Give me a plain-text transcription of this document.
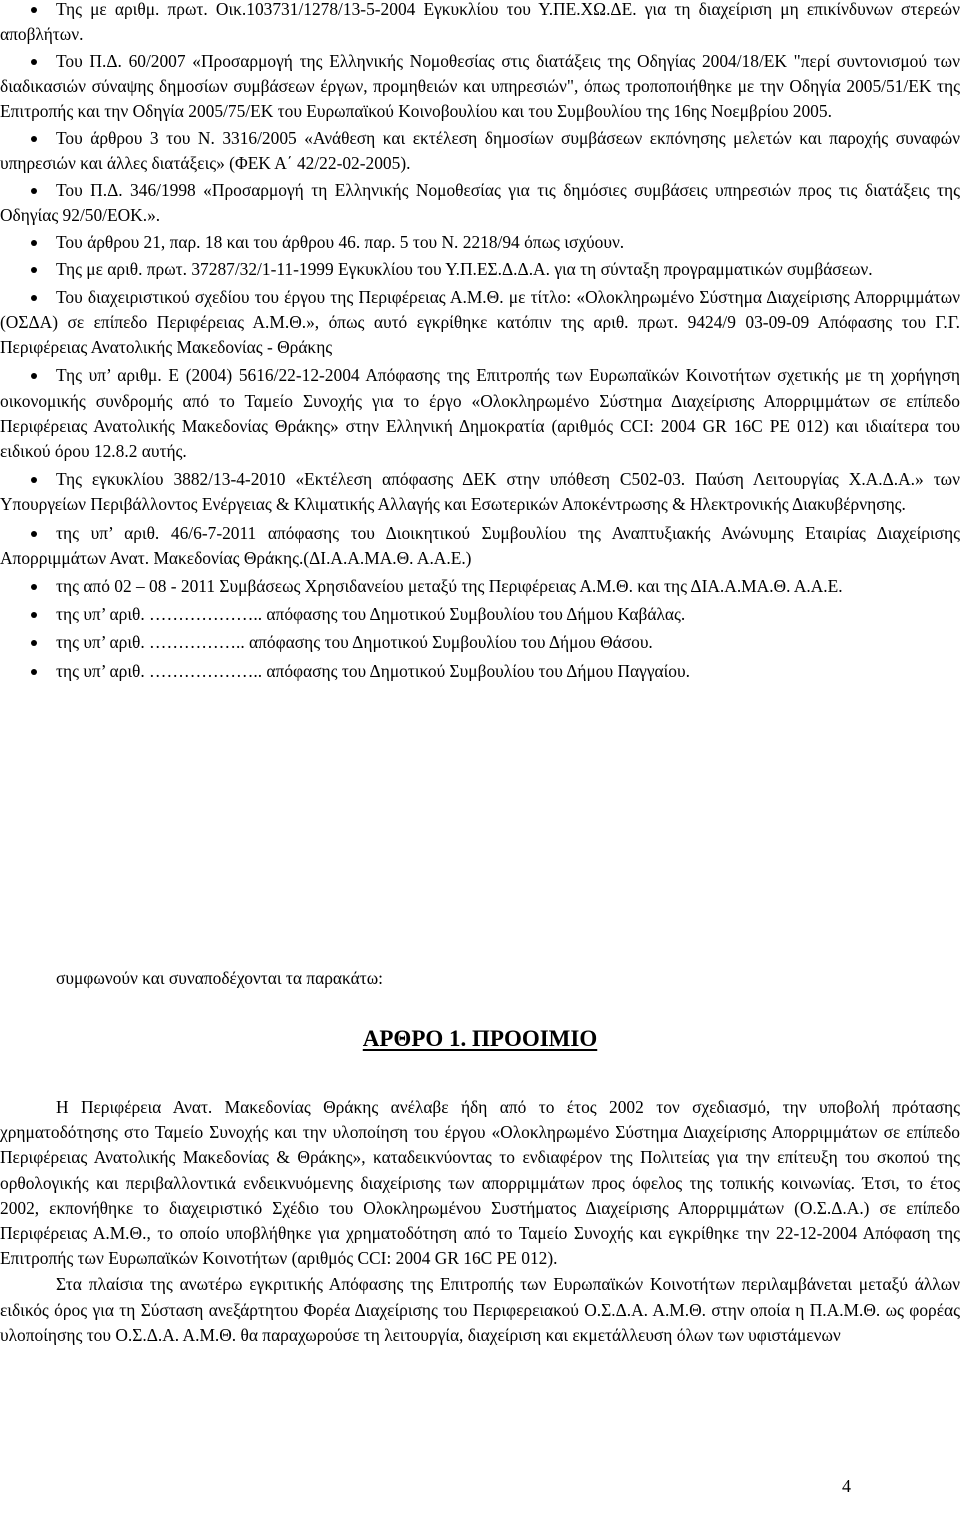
Της με αριθμ. πρωτ. Οικ.103731/1278/13-5-2004 Εγκυκλίου του Υ.ΠΕ.ΧΩ.ΔΕ. για τη διαχείριση μη επικίνδυνων στερεών αποβλήτων.
Του Π.Δ. 60/2007 «Προσαρμογή της Ελληνικής Νομοθεσίας στις διατάξεις της Οδηγίας 2004/18/ΕΚ "περί συντονισμού των διαδικασιών σύναψης δημοσίων συμβάσεων έργων, προμηθειών και υπηρεσιών", όπως τροποποιήθηκε με την Οδηγία 2005/51/ΕΚ της Επιτροπής και την Οδηγία 2005/75/ΕΚ του Ευρωπαϊκού Κοινοβουλίου και του Συμβουλίου της 16ης Νοεμβρίου 2005.
Του άρθρου 3 του Ν. 3316/2005 «Ανάθεση και εκτέλεση δημοσίων συμβάσεων εκπόνησης μελετών και παροχής συναφών υπηρεσιών και άλλες διατάξεις» (ΦΕΚ Α΄ 42/22-02-2005).
Του Π.Δ. 346/1998 «Προσαρμογή τη Ελληνικής Νομοθεσίας για τις δημόσιες συμβάσεις υπηρεσιών προς τις διατάξεις της Οδηγίας 92/50/ΕΟΚ.».
Του άρθρου 21, παρ. 18 και του άρθρου 46. παρ. 5 του Ν. 2218/94 όπως ισχύουν.
Της με αριθ. πρωτ. 37287/32/1-11-1999 Εγκυκλίου του Υ.Π.ΕΣ.Δ.Δ.Α. για τη σύνταξη προγραμματικών συμβάσεων.
Του διαχειριστικού σχεδίου του έργου της Περιφέρειας Α.Μ.Θ. με τίτλο: «Ολοκληρωμένο Σύστημα Διαχείρισης Απορριμμάτων (ΟΣΔΑ) σε επίπεδο Περιφέρειας Α.Μ.Θ.», όπως αυτό εγκρίθηκε κατόπιν της αριθ. πρωτ. 9424/9 03-09-09 Απόφασης του Γ.Γ. Περιφέρειας Ανατολικής Μακεδονίας - Θράκης
Της υπ’ αριθμ. Ε (2004) 5616/22-12-2004 Απόφασης της Επιτροπής των Ευρωπαϊκών Κοινοτήτων σχετικής με τη χορήγηση οικονομικής συνδρομής από το Ταμείο Συνοχής για το έργο «Ολοκληρωμένο Σύστημα Διαχείρισης Απορριμμάτων σε επίπεδο Περιφέρειας Ανατολικής Μακεδονίας Θράκης» στην Ελληνική Δημοκρατία (αριθμός CCI: 2004 GR 16C PE 012) και ιδιαίτερα του ειδικού όρου 12.8.2 αυτής.
Της εγκυκλίου 3882/13-4-2010 «Εκτέλεση απόφασης ΔΕΚ στην υπόθεση C502-03. Παύση Λειτουργίας Χ.Α.Δ.Α.» των Υπουργείων Περιβάλλοντος Ενέργειας & Κλιματικής Αλλαγής και Εσωτερικών Αποκέντρωσης & Ηλεκτρονικής Διακυβέρνησης.
της υπ’ αριθ. 46/6-7-2011 απόφασης του Διοικητικού Συμβουλίου της Αναπτυξιακής Ανώνυμης Εταιρίας Διαχείρισης Απορριμμάτων Ανατ. Μακεδονίας Θράκης.(ΔΙ.Α.Α.ΜΑ.Θ. Α.Α.Ε.)
της από 02 – 08 - 2011 Συμβάσεως Χρησιδανείου μεταξύ της Περιφέρειας Α.Μ.Θ. και της ΔΙΑ.Α.ΜΑ.Θ. Α.Α.Ε.
της υπ’ αριθ. ……………….. απόφασης του Δημοτικού Συμβουλίου του Δήμου Καβάλας.
της υπ’ αριθ. …………….. απόφασης του Δημοτικού Συμβουλίου του Δήμου Θάσου.
της υπ’ αριθ. ……………….. απόφασης του Δημοτικού Συμβουλίου του Δήμου Παγγαίου.

συμφωνούν και συναποδέχονται τα παρακάτω:

ΑΡΘΡΟ 1. ΠΡΟΟΙΜΙΟ

Η Περιφέρεια Ανατ. Μακεδονίας Θράκης ανέλαβε ήδη από το έτος 2002 τον σχεδιασμό, την υποβολή πρότασης χρηματοδότησης στο Ταμείο Συνοχής και την υλοποίηση του έργου «Ολοκληρωμένο Σύστημα Διαχείρισης Απορριμμάτων σε επίπεδο Περιφέρειας Ανατολικής Μακεδονίας & Θράκης», καταδεικνύοντας το ενδιαφέρον της Πολιτείας για την επίτευξη του σκοπού της ορθολογικής και περιβαλλοντικά ενδεικνυόμενης διαχείρισης των απορριμμάτων προς όφελος της τοπικής κοινωνίας. Έτσι, το έτος 2002, εκπονήθηκε το διαχειριστικό Σχέδιο του Ολοκληρωμένου Συστήματος Διαχείρισης Απορριμμάτων (Ο.Σ.Δ.Α.) σε επίπεδο Περιφέρειας Α.Μ.Θ., το οποίο υποβλήθηκε για χρηματοδότηση από το Ταμείο Συνοχής και εγκρίθηκε την 22-12-2004 Απόφαση της Επιτροπής των Ευρωπαϊκών Κοινοτήτων (αριθμός CCI: 2004 GR 16C PE 012).

Στα πλαίσια της ανωτέρω εγκριτικής Απόφασης της Επιτροπής των Ευρωπαϊκών Κοινοτήτων περιλαμβάνεται μεταξύ άλλων ειδικός όρος για τη Σύσταση ανεξάρτητου Φορέα Διαχείρισης του Περιφερειακού Ο.Σ.Δ.Α. Α.Μ.Θ. στην οποία η Π.Α.Μ.Θ. ως φορέας υλοποίησης του Ο.Σ.Δ.Α. Α.Μ.Θ. θα παραχωρούσε τη λειτουργία, διαχείριση και εκμετάλλευση όλων των υφιστάμενων

4
